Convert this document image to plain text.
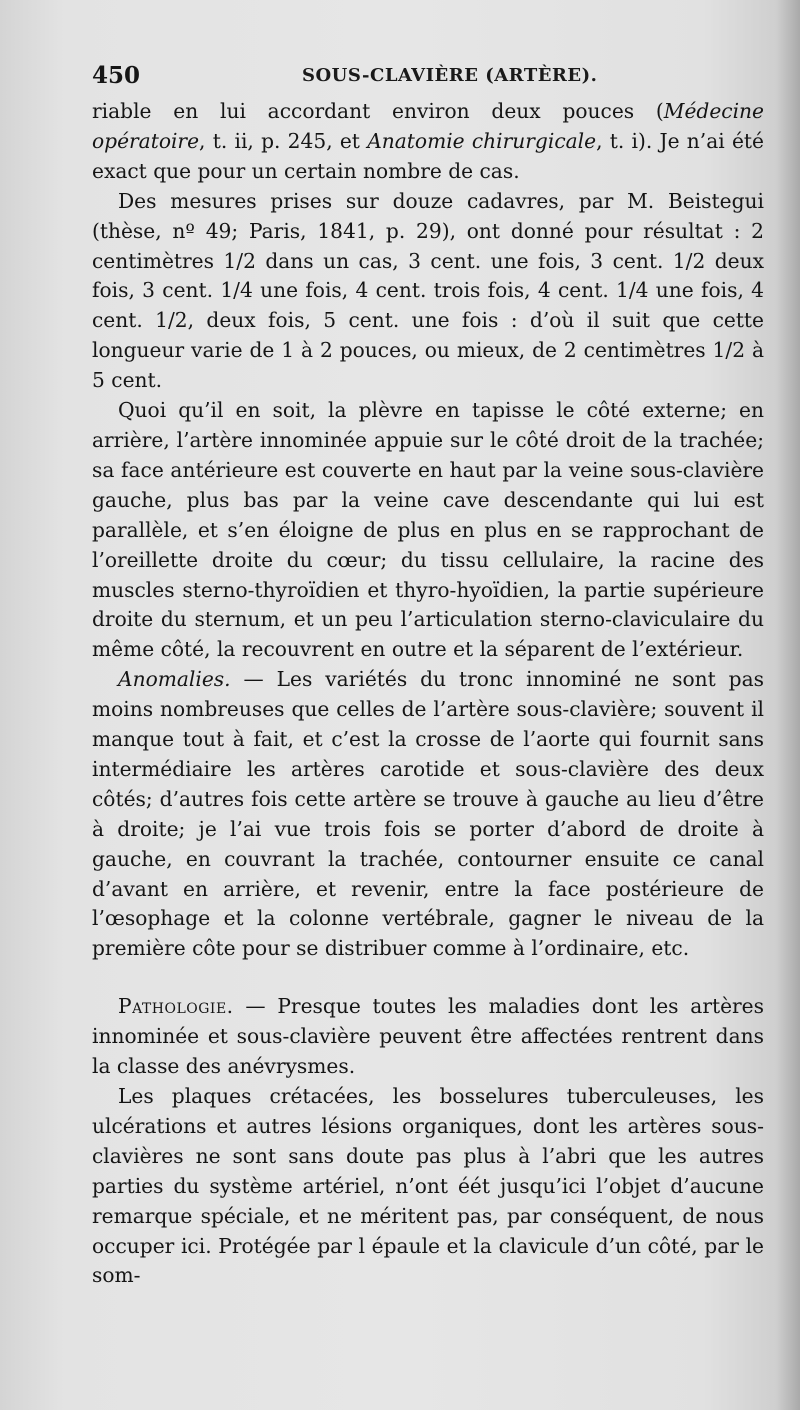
450	SOUS-CLAVIÈRE (ARTÈRE).

riable en lui accordant environ deux pouces (Médecine opératoire, t. ii, p. 245, et Anatomie chirurgicale, t. i). Je n’ai été exact que pour un certain nombre de cas.

Des mesures prises sur douze cadavres, par M. Beistegui (thèse, nº 49; Paris, 1841, p. 29), ont donné pour résultat : 2 centimètres 1/2 dans un cas, 3 cent. une fois, 3 cent. 1/2 deux fois, 3 cent. 1/4 une fois, 4 cent. trois fois, 4 cent. 1/4 une fois, 4 cent. 1/2, deux fois, 5 cent. une fois : d’où il suit que cette longueur varie de 1 à 2 pouces, ou mieux, de 2 centimètres 1/2 à 5 cent.

Quoi qu’il en soit, la plèvre en tapisse le côté externe; en arrière, l’artère innominée appuie sur le côté droit de la trachée; sa face antérieure est couverte en haut par la veine sous-clavière gauche, plus bas par la veine cave descendante qui lui est parallèle, et s’en éloigne de plus en plus en se rapprochant de l’oreillette droite du cœur; du tissu cellulaire, la racine des muscles sterno-thyroïdien et thyro-hyoïdien, la partie supérieure droite du sternum, et un peu l’articulation sterno-claviculaire du même côté, la recouvrent en outre et la séparent de l’extérieur.

Anomalies. — Les variétés du tronc innominé ne sont pas moins nombreuses que celles de l’artère sous-clavière; souvent il manque tout à fait, et c’est la crosse de l’aorte qui fournit sans intermédiaire les artères carotide et sous-clavière des deux côtés; d’autres fois cette artère se trouve à gauche au lieu d’être à droite; je l’ai vue trois fois se porter d’abord de droite à gauche, en couvrant la trachée, contourner ensuite ce canal d’avant en arrière, et revenir, entre la face postérieure de l’œsophage et la colonne vertébrale, gagner le niveau de la première côte pour se distribuer comme à l’ordinaire, etc.

Pathologie. — Presque toutes les maladies dont les artères innominée et sous-clavière peuvent être affectées rentrent dans la classe des anévrysmes.

Les plaques crétacées, les bosselures tuberculeuses, les ulcérations et autres lésions organiques, dont les artères sous-clavières ne sont sans doute pas plus à l’abri que les autres parties du système artériel, n’ont éét jusqu’ici l’objet d’aucune remarque spéciale, et ne méritent pas, par conséquent, de nous occuper ici. Protégée par l épaule et la clavicule d’un côté, par le som-
